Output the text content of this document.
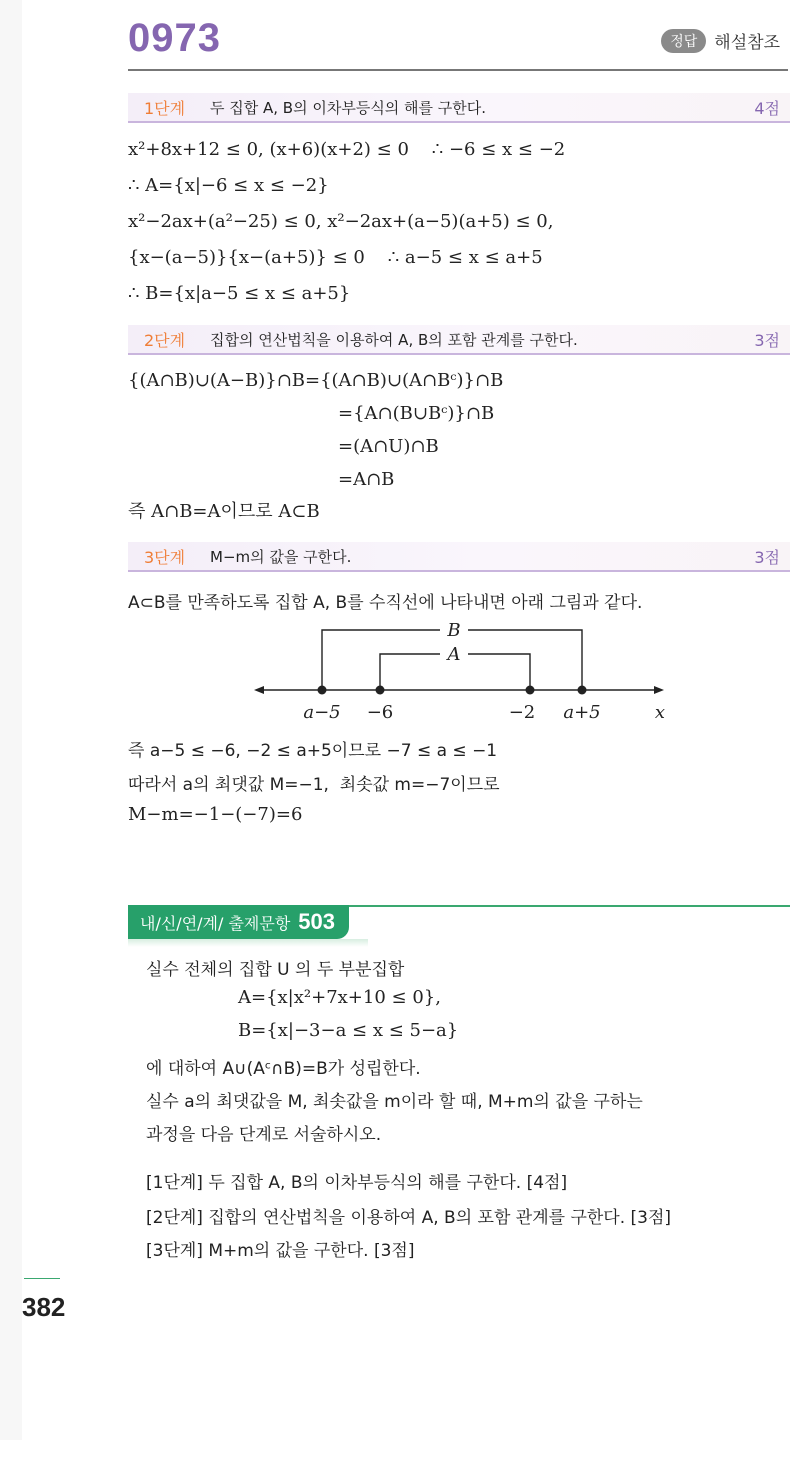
0973	정답	해설참조
1단계	두 집합 A, B의 이차부등식의 해를 구한다.	4점
x²+8x+12 ≤ 0, (x+6)(x+2) ≤ 0    ∴ −6 ≤ x ≤ −2
∴ A={x|−6 ≤ x ≤ −2}
x²−2ax+(a²−25) ≤ 0, x²−2ax+(a−5)(a+5) ≤ 0,
{x−(a−5)}{x−(a+5)} ≤ 0    ∴ a−5 ≤ x ≤ a+5
∴ B={x|a−5 ≤ x ≤ a+5}
2단계	집합의 연산법칙을 이용하여 A, B의 포함 관계를 구한다.	3점
{(A∩B)∪(A−B)}∩B={(A∩B)∪(A∩Bᶜ)}∩B
={A∩(B∪Bᶜ)}∩B
=(A∩U)∩B
=A∩B
즉 A∩B=A이므로 A⊂B
3단계	M−m의 값을 구한다.	3점
A⊂B를 만족하도록 집합 A, B를 수직선에 나타내면 아래 그림과 같다.
B
A
a−5 −6	−2 a+5	x
즉 a−5 ≤ −6, −2 ≤ a+5이므로 −7 ≤ a ≤ −1
따라서 a의 최댓값 M=−1,  최솟값 m=−7이므로
M−m=−1−(−7)=6
내/신/연/계/ 출제문항 503
실수 전체의 집합 U 의 두 부분집합
A={x|x²+7x+10 ≤ 0},
B={x|−3−a ≤ x ≤ 5−a}
에 대하여 A∪(Aᶜ∩B)=B가 성립한다.
실수 a의 최댓값을 M, 최솟값을 m이라 할 때, M+m의 값을 구하는
과정을 다음 단계로 서술하시오.
[1단계] 두 집합 A, B의 이차부등식의 해를 구한다. [4점]
[2단계] 집합의 연산법칙을 이용하여 A, B의 포함 관계를 구한다. [3점]
[3단계] M+m의 값을 구한다. [3점]
382
